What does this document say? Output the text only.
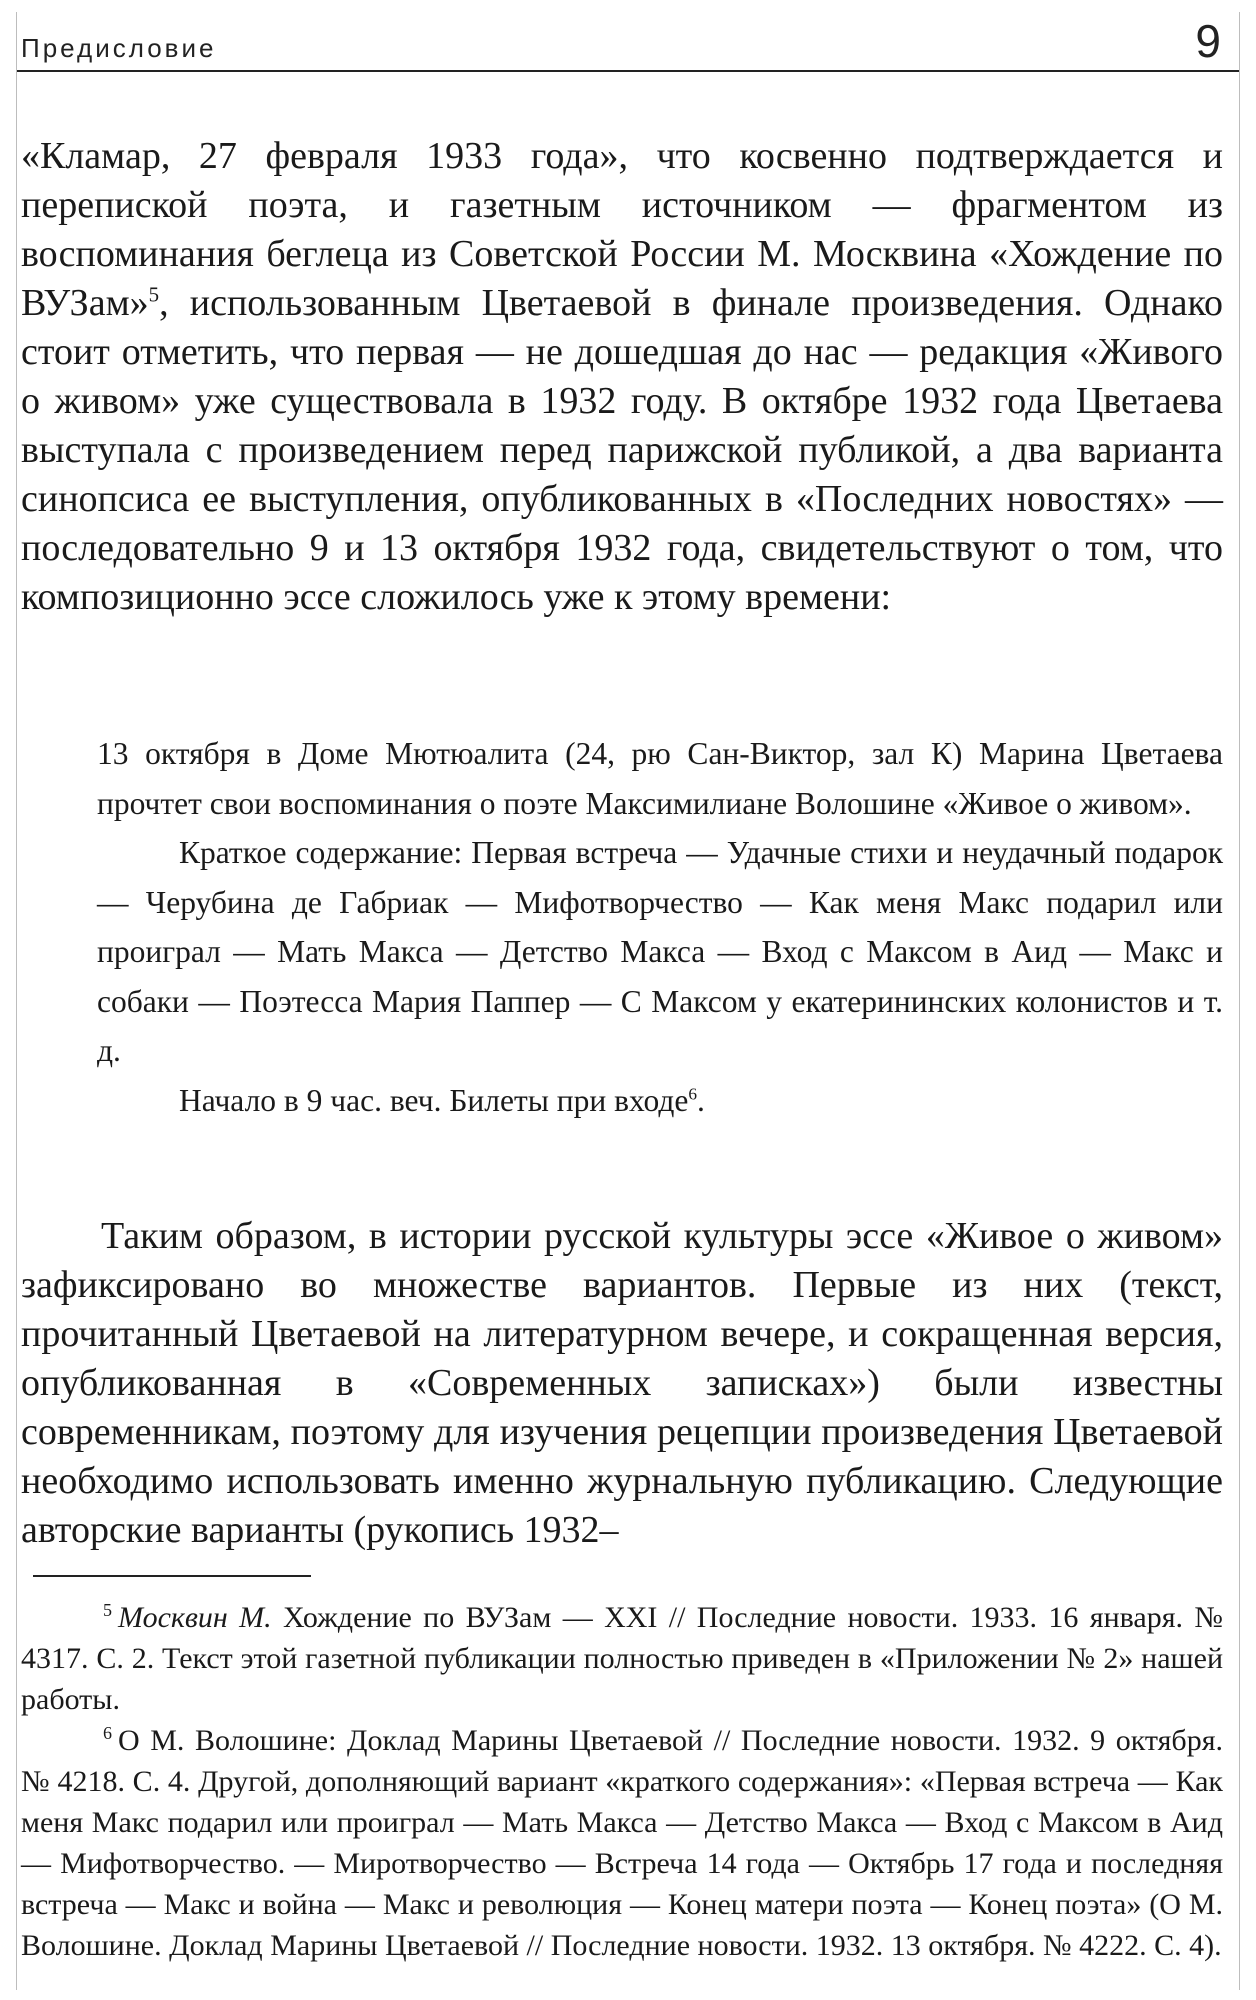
Предисловие	9

«Кламар, 27 февраля 1933 года», что косвенно подтверждается и перепиской поэта, и газетным источником — фрагментом из воспоминания беглеца из Советской России М. Москвина «Хождение по ВУЗам»$^5$, использованным Цветаевой в финале произведения. Однако стоит отметить, что первая — не дошедшая до нас — редакция «Живого о живом» уже существовала в 1932 году. В октябре 1932 года Цветаева выступала с произведением перед парижской публикой, а два варианта синопсиса ее выступления, опубликованных в «Последних новостях» — последовательно 9 и 13 октября 1932 года, свидетельствуют о том, что композиционно эссе сложилось уже к этому времени:

13 октября в Доме Мютюалита (24, рю Сан-Виктор, зал К) Марина Цветаева прочтет свои воспоминания о поэте Максимилиане Волошине «Живое о живом».

Краткое содержание: Первая встреча — Удачные стихи и неудачный подарок — Черубина де Габриак — Мифотворчество — Как меня Макс подарил или проиграл — Мать Макса — Детство Макса — Вход с Максом в Аид — Макс и собаки — Поэтесса Мария Паппер — С Максом у екатерининских колонистов и т. д.

Начало в 9 час. веч. Билеты при входе$^6$.

Таким образом, в истории русской культуры эссе «Живое о живом» зафиксировано во множестве вариантов. Первые из них (текст, прочитанный Цветаевой на литературном вечере, и сокращенная версия, опубликованная в «Современных записках») были известны современникам, поэтому для изучения рецепции произведения Цветаевой необходимо использовать именно журнальную публикацию. Следующие авторские варианты (рукопись 1932–

$^5$ Москвин М. Хождение по ВУЗам — XXI // Последние новости. 1933. 16 января. № 4317. С. 2. Текст этой газетной публикации полностью приведен в «Приложении № 2» нашей работы.

$^6$ О М. Волошине: Доклад Марины Цветаевой // Последние новости. 1932. 9 октября. № 4218. С. 4. Другой, дополняющий вариант «краткого содержания»: «Первая встреча — Как меня Макс подарил или проиграл — Мать Макса — Детство Макса — Вход с Максом в Аид — Мифотворчество. — Миротворчество — Встреча 14 года — Октябрь 17 года и последняя встреча — Макс и война — Макс и революция — Конец матери поэта — Конец поэта» (О М. Волошине. Доклад Марины Цветаевой // Последние новости. 1932. 13 октября. № 4222. С. 4).
